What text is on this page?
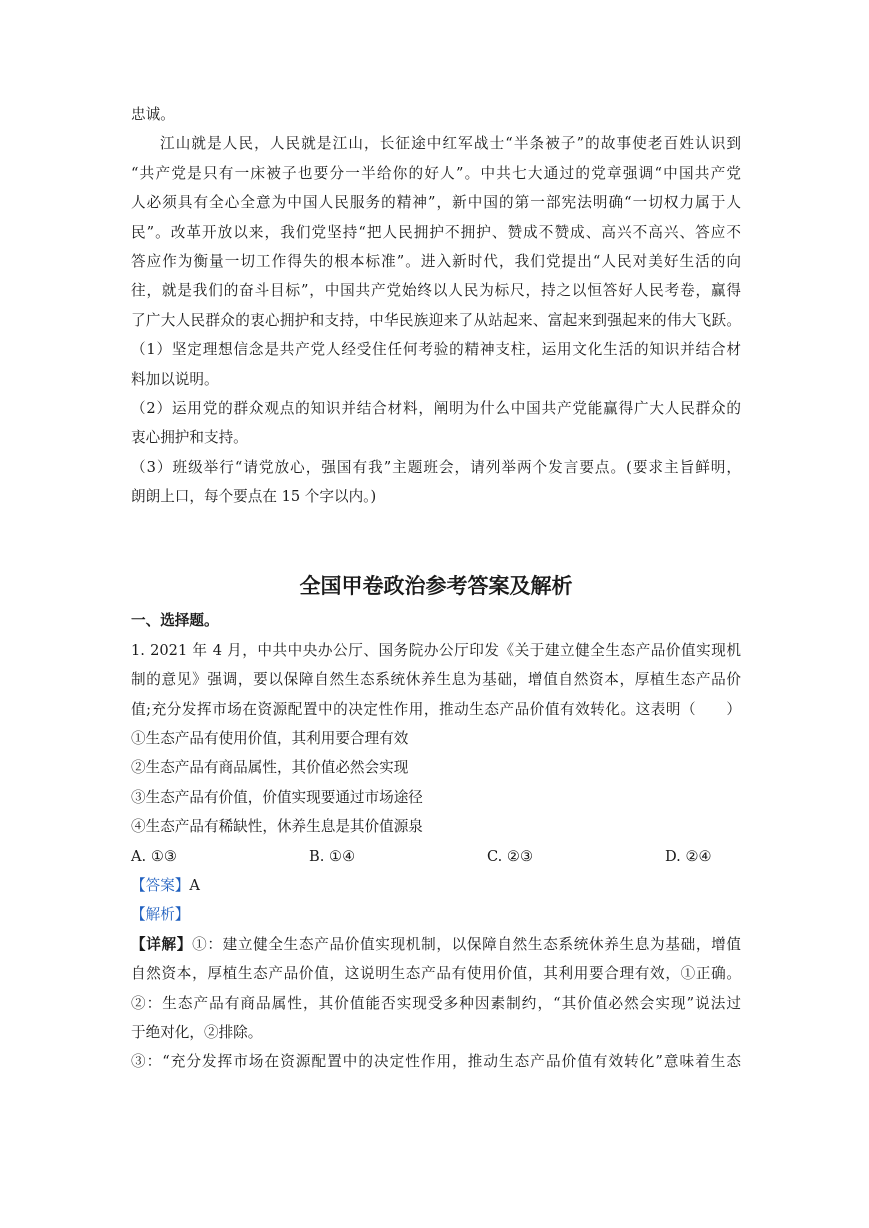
忠诚。
江山就是人民，人民就是江山，长征途中红军战士“半条被子”的故事使老百姓认识到
“共产党是只有一床被子也要分一半给你的好人”。中共七大通过的党章强调“中国共产党
人必须具有全心全意为中国人民服务的精神”，新中国的第一部宪法明确“一切权力属于人
民”。改革开放以来，我们党坚持“把人民拥护不拥护、赞成不赞成、高兴不高兴、答应不
答应作为衡量一切工作得失的根本标准”。进入新时代，我们党提出“人民对美好生活的向
往，就是我们的奋斗目标”，中国共产党始终以人民为标尺，持之以恒答好人民考卷，赢得
了广大人民群众的衷心拥护和支持，中华民族迎来了从站起来、富起来到强起来的伟大飞跃。
（1）坚定理想信念是共产党人经受住任何考验的精神支柱，运用文化生活的知识并结合材
料加以说明。
（2）运用党的群众观点的知识并结合材料，阐明为什么中国共产党能赢得广大人民群众的
衷心拥护和支持。
（3）班级举行“请党放心，强国有我”主题班会，请列举两个发言要点。(要求主旨鲜明，
朗朗上口，每个要点在 15 个字以内。)
全国甲卷政治参考答案及解析
一、选择题。
1. 2021 年 4 月，中共中央办公厅、国务院办公厅印发《关于建立健全生态产品价值实现机
制的意见》强调，要以保障自然生态系统休养生息为基础，增值自然资本，厚植生态产品价
值;充分发挥市场在资源配置中的决定性作用，推动生态产品价值有效转化。这表明（　　）
①生态产品有使用价值，其利用要合理有效
②生态产品有商品属性，其价值必然会实现
③生态产品有价值，价值实现要通过市场途径
④生态产品有稀缺性，休养生息是其价值源泉
A. ①③	B. ①④	C. ②③	D. ②④
【答案】A
【解析】
【详解】①：建立健全生态产品价值实现机制，以保障自然生态系统休养生息为基础，增值
自然资本，厚植生态产品价值，这说明生态产品有使用价值，其利用要合理有效，①正确。
②：生态产品有商品属性，其价值能否实现受多种因素制约，“其价值必然会实现”说法过
于绝对化，②排除。
③：“充分发挥市场在资源配置中的决定性作用，推动生态产品价值有效转化”意味着生态
